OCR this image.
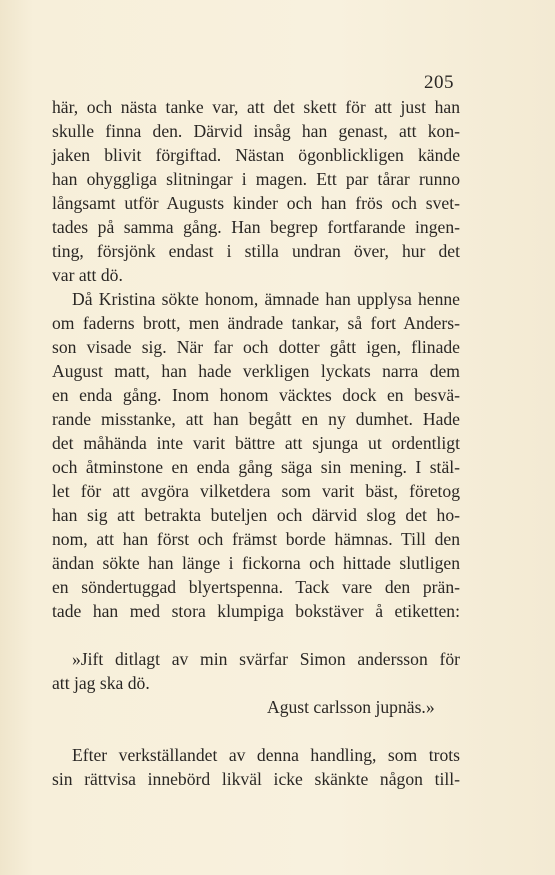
205
här, och nästa tanke var, att det skett för att just han
skulle finna den. Därvid insåg han genast, att kon-
jaken blivit förgiftad. Nästan ögonblickligen kände
han ohyggliga slitningar i magen. Ett par tårar runno
långsamt utför Augusts kinder och han frös och svet-
tades på samma gång. Han begrep fortfarande ingen-
ting, försjönk endast i stilla undran över, hur det
var att dö.
Då Kristina sökte honom, ämnade han upplysa henne
om faderns brott, men ändrade tankar, så fort Anders-
son visade sig. När far och dotter gått igen, flinade
August matt, han hade verkligen lyckats narra dem
en enda gång. Inom honom väcktes dock en besvä-
rande misstanke, att han begått en ny dumhet. Hade
det måhända inte varit bättre att sjunga ut ordentligt
och åtminstone en enda gång säga sin mening. I stäl-
let för att avgöra vilketdera som varit bäst, företog
han sig att betrakta buteljen och därvid slog det ho-
nom, att han först och främst borde hämnas. Till den
ändan sökte han länge i fickorna och hittade slutligen
en söndertuggad blyertspenna. Tack vare den prän-
tade han med stora klumpiga bokstäver å etiketten:
»Jift ditlagt av min svärfar Simon andersson för
att jag ska dö.
Agust carlsson jupnäs.»
Efter verkställandet av denna handling, som trots
sin rättvisa innebörd likväl icke skänkte någon till-
